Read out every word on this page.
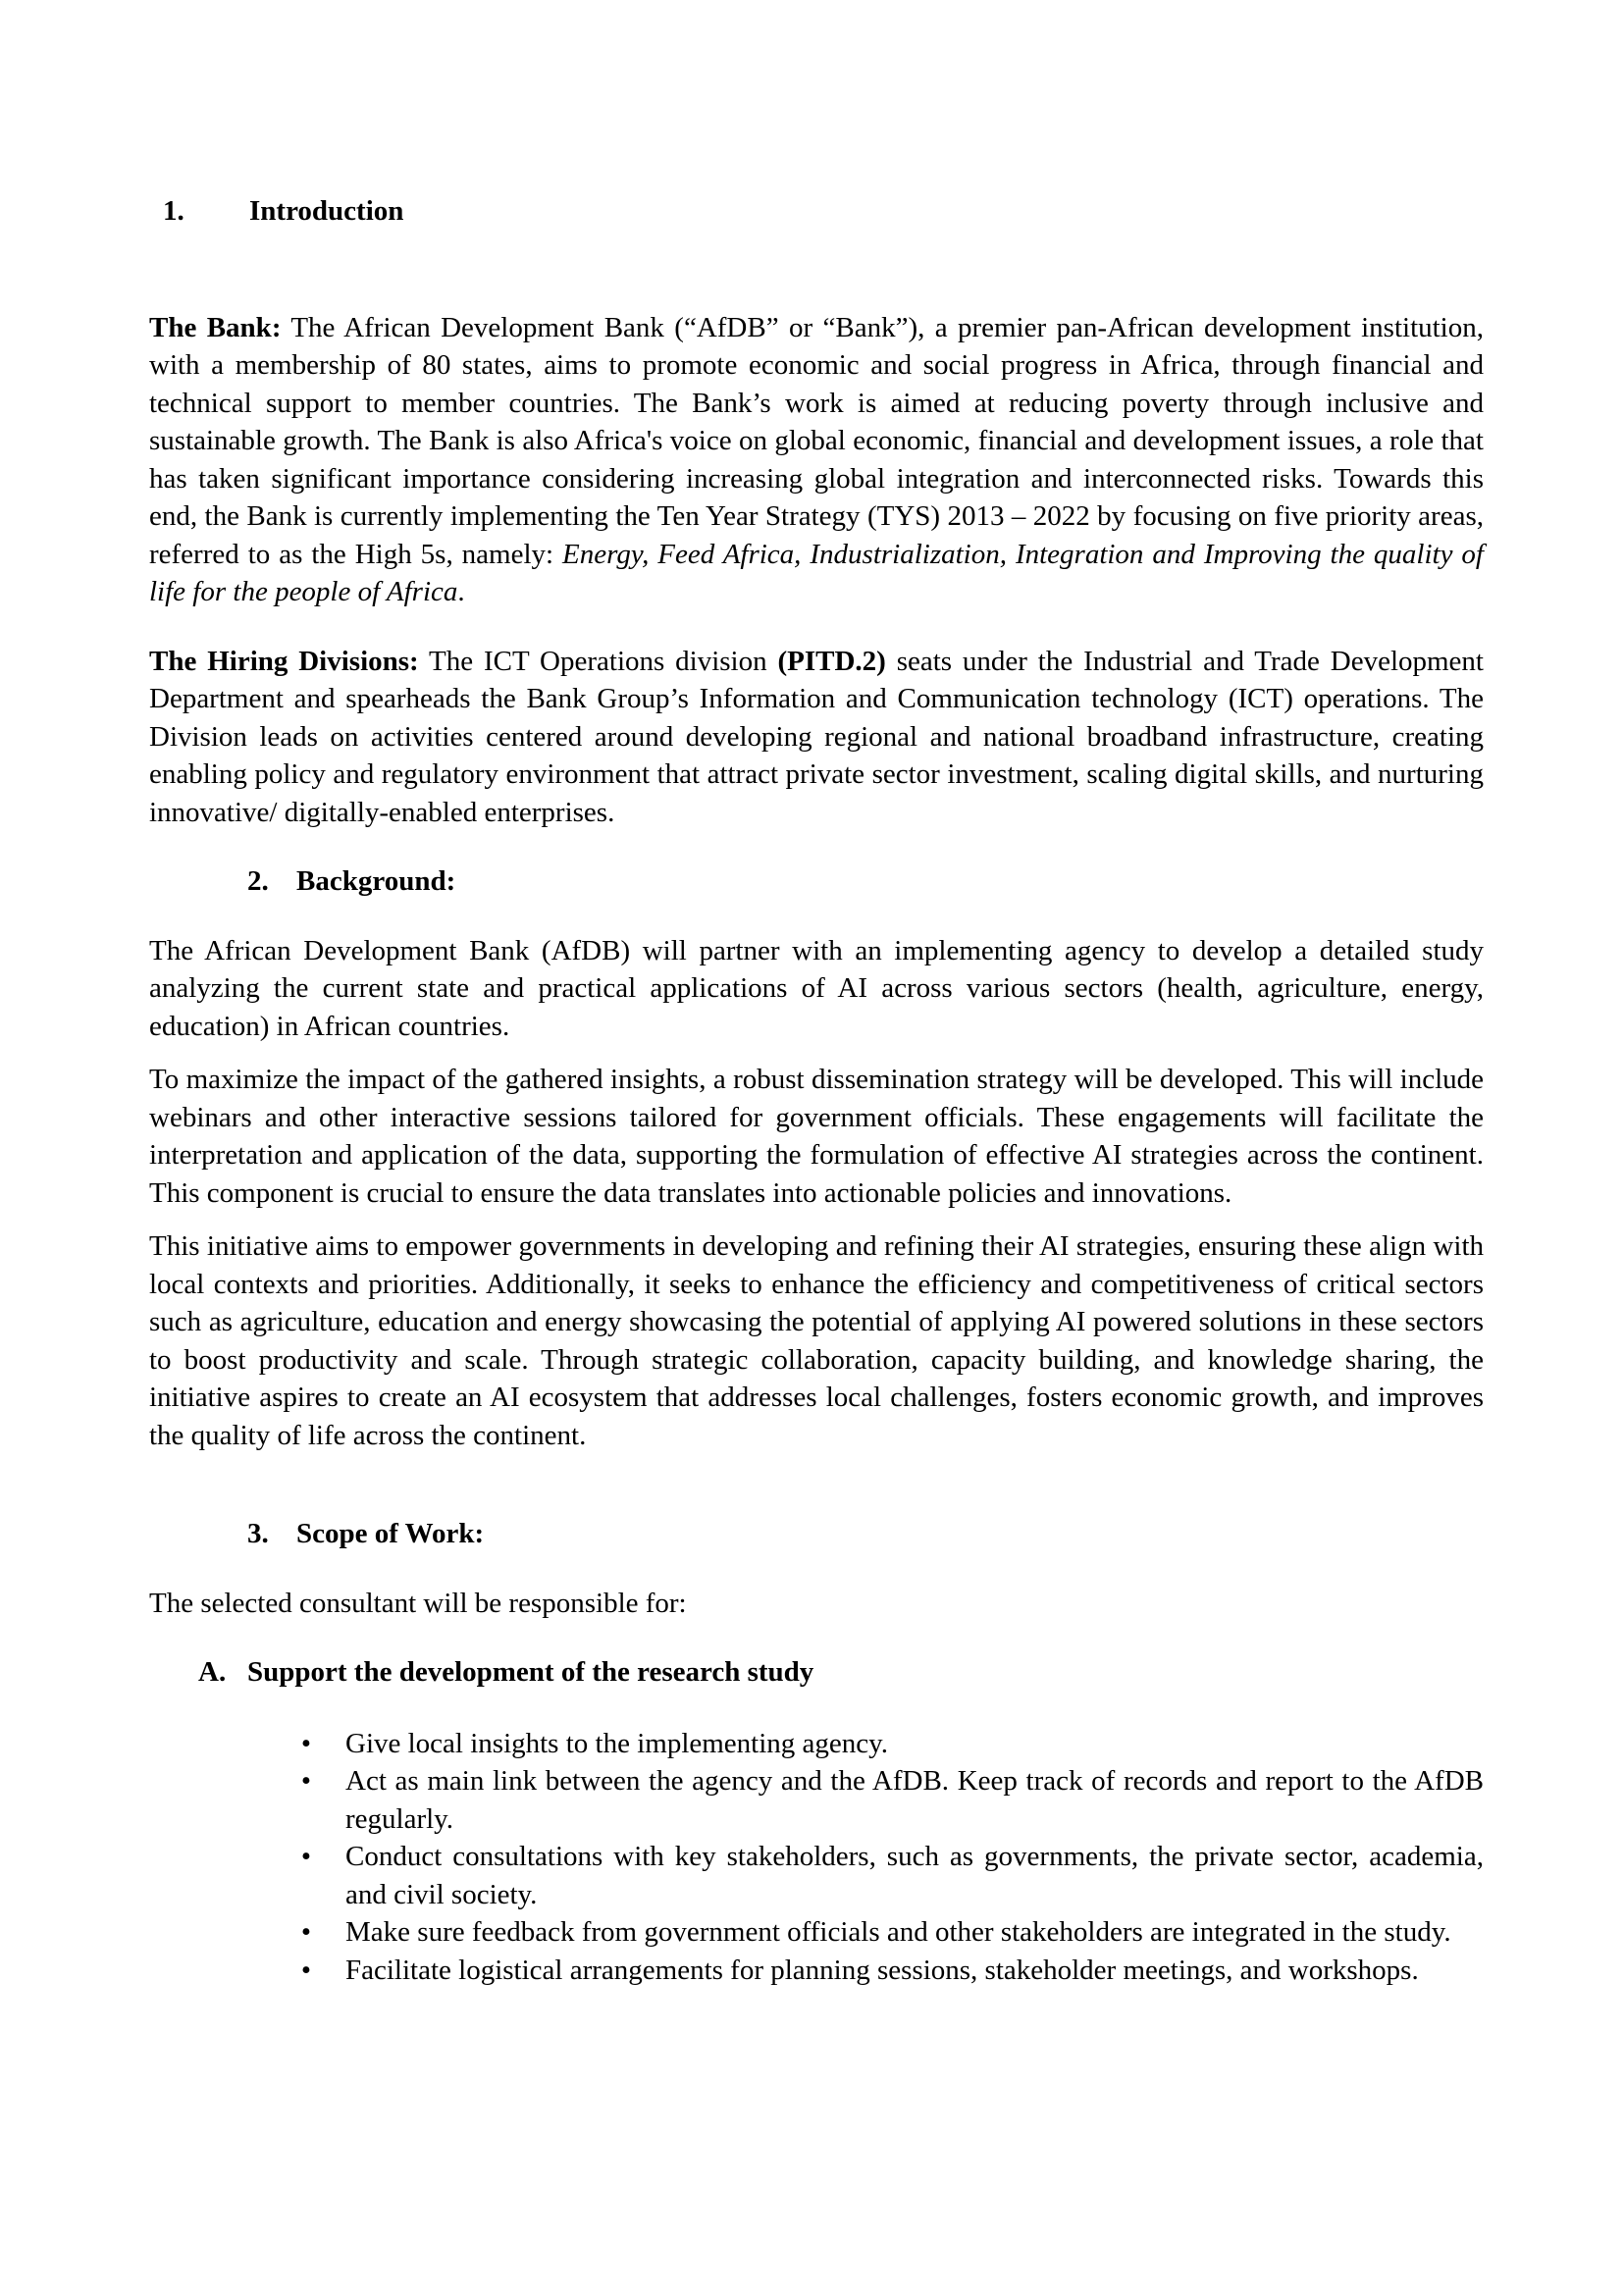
1.	Introduction

The Bank: The African Development Bank (“AfDB” or “Bank”), a premier pan-African development institution, with a membership of 80 states, aims to promote economic and social progress in Africa, through financial and technical support to member countries. The Bank’s work is aimed at reducing poverty through inclusive and sustainable growth. The Bank is also Africa's voice on global economic, financial and development issues, a role that has taken significant importance considering increasing global integration and interconnected risks. Towards this end, the Bank is currently implementing the Ten Year Strategy (TYS) 2013 – 2022 by focusing on five priority areas, referred to as the High 5s, namely: Energy, Feed Africa, Industrialization, Integration and Improving the quality of life for the people of Africa.

The Hiring Divisions: The ICT Operations division (PITD.2) seats under the Industrial and Trade Development Department and spearheads the Bank Group’s Information and Communication technology (ICT) operations. The Division leads on activities centered around developing regional and national broadband infrastructure, creating enabling policy and regulatory environment that attract private sector investment, scaling digital skills, and nurturing innovative/ digitally-enabled enterprises.

2. Background:

The African Development Bank (AfDB) will partner with an implementing agency to develop a detailed study analyzing the current state and practical applications of AI across various sectors (health, agriculture, energy, education) in African countries.

To maximize the impact of the gathered insights, a robust dissemination strategy will be developed. This will include webinars and other interactive sessions tailored for government officials. These engagements will facilitate the interpretation and application of the data, supporting the formulation of effective AI strategies across the continent. This component is crucial to ensure the data translates into actionable policies and innovations.

This initiative aims to empower governments in developing and refining their AI strategies, ensuring these align with local contexts and priorities. Additionally, it seeks to enhance the efficiency and competitiveness of critical sectors such as agriculture, education and energy showcasing the potential of applying AI powered solutions in these sectors to boost productivity and scale. Through strategic collaboration, capacity building, and knowledge sharing, the initiative aspires to create an AI ecosystem that addresses local challenges, fosters economic growth, and improves the quality of life across the continent.

3. Scope of Work:

The selected consultant will be responsible for:

A. Support the development of the research study
• Give local insights to the implementing agency.
• Act as main link between the agency and the AfDB. Keep track of records and report to the AfDB regularly.
• Conduct consultations with key stakeholders, such as governments, the private sector, academia, and civil society.
• Make sure feedback from government officials and other stakeholders are integrated in the study.
• Facilitate logistical arrangements for planning sessions, stakeholder meetings, and workshops.
